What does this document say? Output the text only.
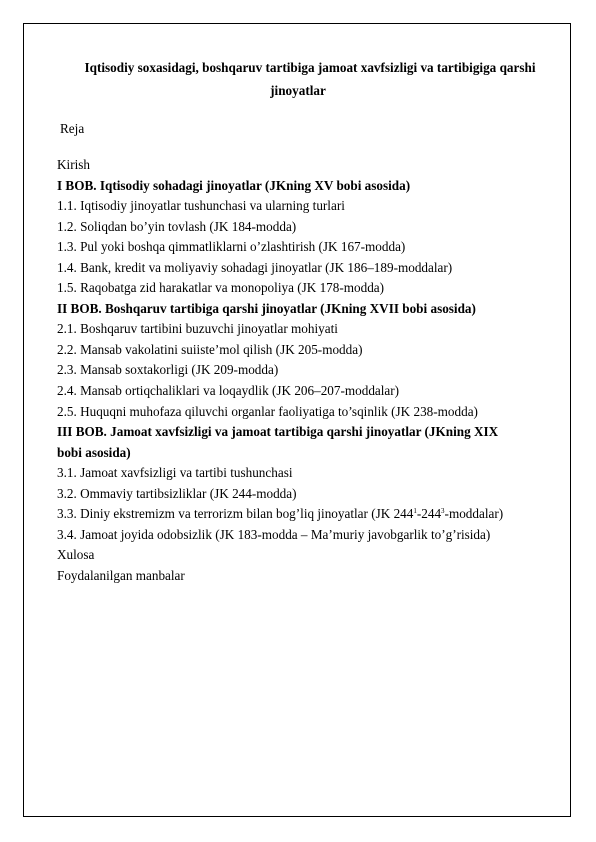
Iqtisodiy soxasidagi, boshqaruv tartibiga jamoat xavfsizligi va tartibigiga qarshi
jinoyatlar
Reja
Kirish
I BOB. Iqtisodiy sohadagi jinoyatlar (JKning XV bobi asosida)
1.1. Iqtisodiy jinoyatlar tushunchasi va ularning turlari
1.2. Soliqdan bo’yin tovlash (JK 184-modda)
1.3. Pul yoki boshqa qimmatliklarni o’zlashtirish (JK 167-modda)
1.4. Bank, kredit va moliyaviy sohadagi jinoyatlar (JK 186–189-moddalar)
1.5. Raqobatga zid harakatlar va monopoliya (JK 178-modda)
II BOB. Boshqaruv tartibiga qarshi jinoyatlar (JKning XVII bobi asosida)
2.1. Boshqaruv tartibini buzuvchi jinoyatlar mohiyati
2.2. Mansab vakolatini suiiste’mol qilish (JK 205-modda)
2.3. Mansab soxtakorligi (JK 209-modda)
2.4. Mansab ortiqchaliklari va loqaydlik (JK 206–207-moddalar)
2.5. Huquqni muhofaza qiluvchi organlar faoliyatiga to’sqinlik (JK 238-modda)
III BOB. Jamoat xavfsizligi va jamoat tartibiga qarshi jinoyatlar (JKning XIX
bobi asosida)
3.1. Jamoat xavfsizligi va tartibi tushunchasi
3.2. Ommaviy tartibsizliklar (JK 244-modda)
3.3. Diniy ekstremizm va terrorizm bilan bog’liq jinoyatlar (JK $244^1-244^3-moddalar$)
3.4. Jamoat joyida odobsizlik (JK 183-modda – Ma’muriy javobgarlik to’g’risida)
Xulosa
Foydalanilgan manbalar
